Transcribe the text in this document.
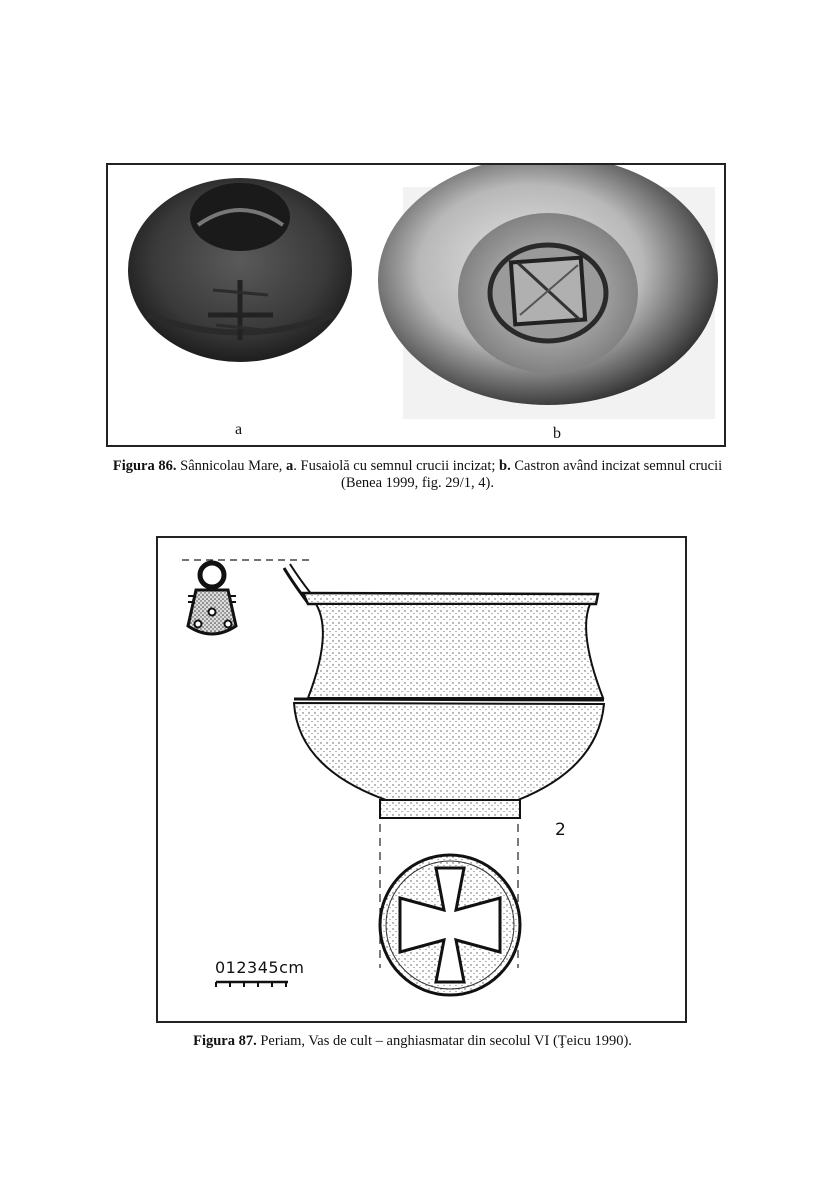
a	b
Figura 86. Sânnicolau Mare, a. Fusaiolă cu semnul crucii incizat; b. Castron având incizat semnul crucii (Benea 1999, fig. 29/1, 4).
2
012345cm
Figura 87. Periam, Vas de cult – anghiasmatar din secolul VI (Ţeicu 1990).
